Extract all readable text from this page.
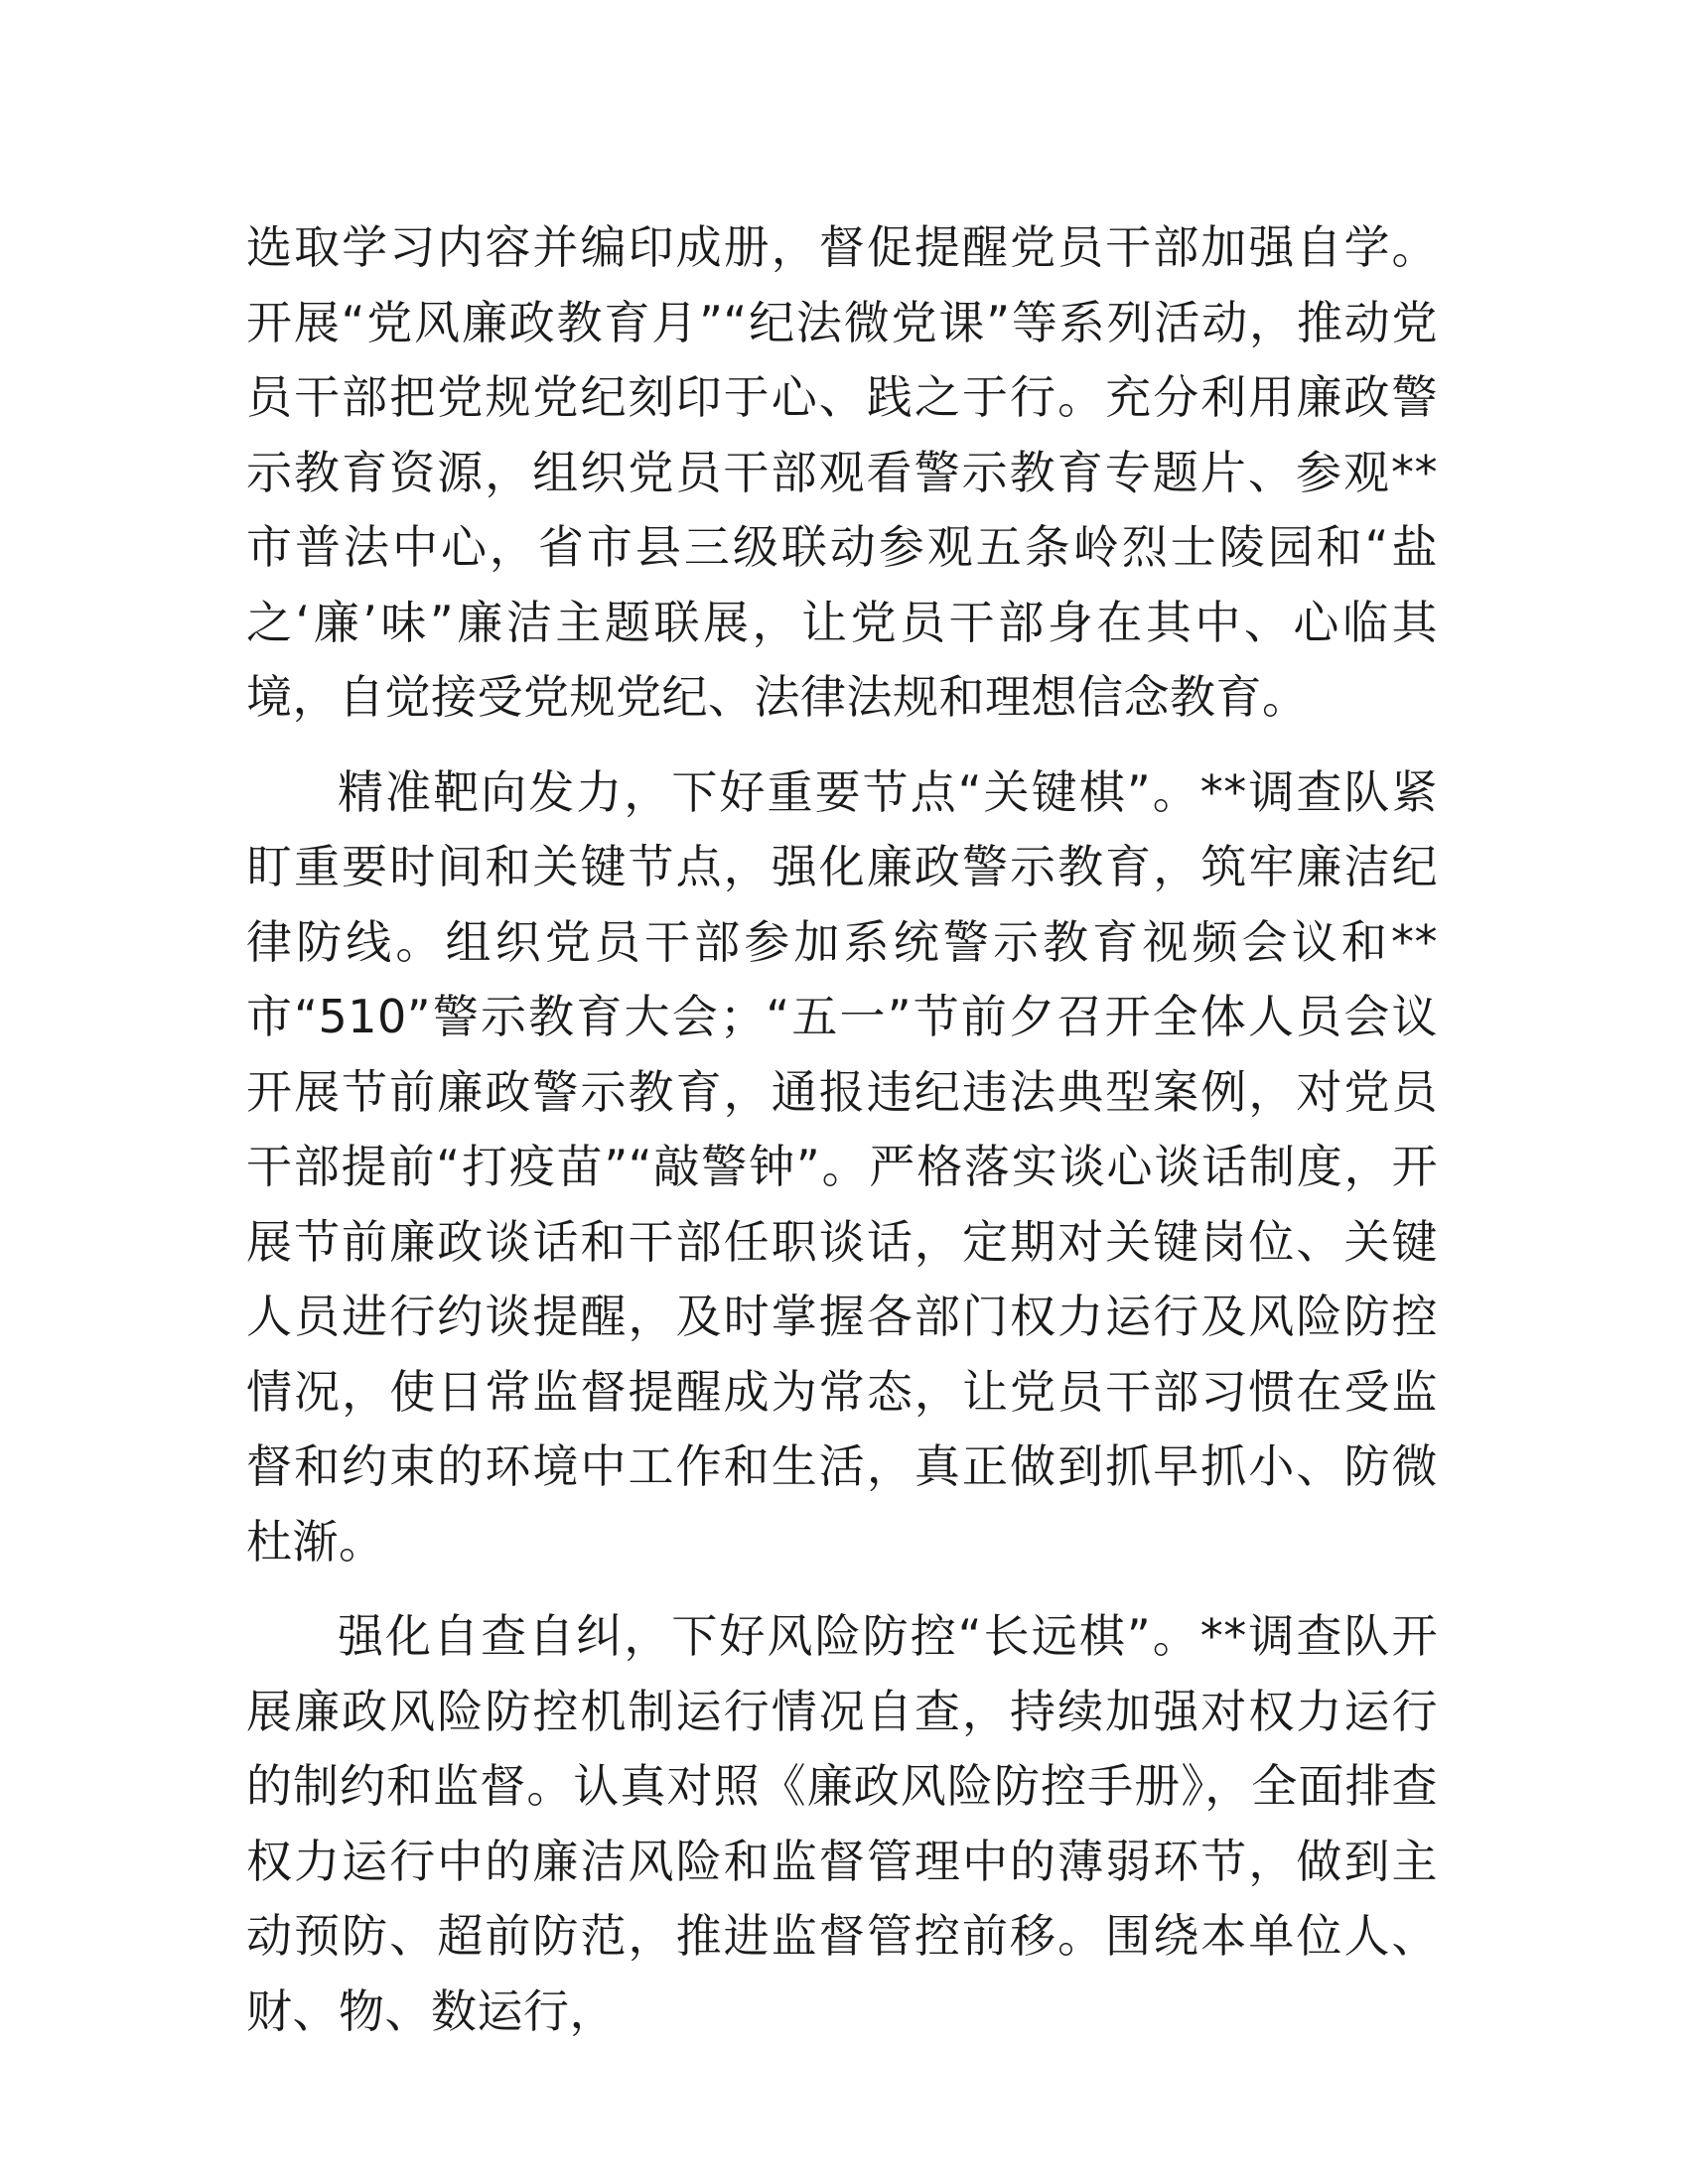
选取学习内容并编印成册，督促提醒党员干部加强自学。开展“党风廉政教育月”“纪法微党课”等系列活动，推动党员干部把党规党纪刻印于心、践之于行。充分利用廉政警示教育资源，组织党员干部观看警示教育专题片、参观**市普法中心，省市县三级联动参观五条岭烈士陵园和“盐之‘廉’味”廉洁主题联展，让党员干部身在其中、心临其境，自觉接受党规党纪、法律法规和理想信念教育。

精准靶向发力，下好重要节点“关键棋”。**调查队紧盯重要时间和关键节点，强化廉政警示教育，筑牢廉洁纪律防线。组织党员干部参加系统警示教育视频会议和**市“510”警示教育大会；“五一”节前夕召开全体人员会议开展节前廉政警示教育，通报违纪违法典型案例，对党员干部提前“打疫苗”“敲警钟”。严格落实谈心谈话制度，开展节前廉政谈话和干部任职谈话，定期对关键岗位、关键人员进行约谈提醒，及时掌握各部门权力运行及风险防控情况，使日常监督提醒成为常态，让党员干部习惯在受监督和约束的环境中工作和生活，真正做到抓早抓小、防微杜渐。

强化自查自纠，下好风险防控“长远棋”。**调查队开展廉政风险防控机制运行情况自查，持续加强对权力运行的制约和监督。认真对照《廉政风险防控手册》，全面排查权力运行中的廉洁风险和监督管理中的薄弱环节，做到主动预防、超前防范，推进监督管控前移。围绕本单位人、财、物、数运行，
